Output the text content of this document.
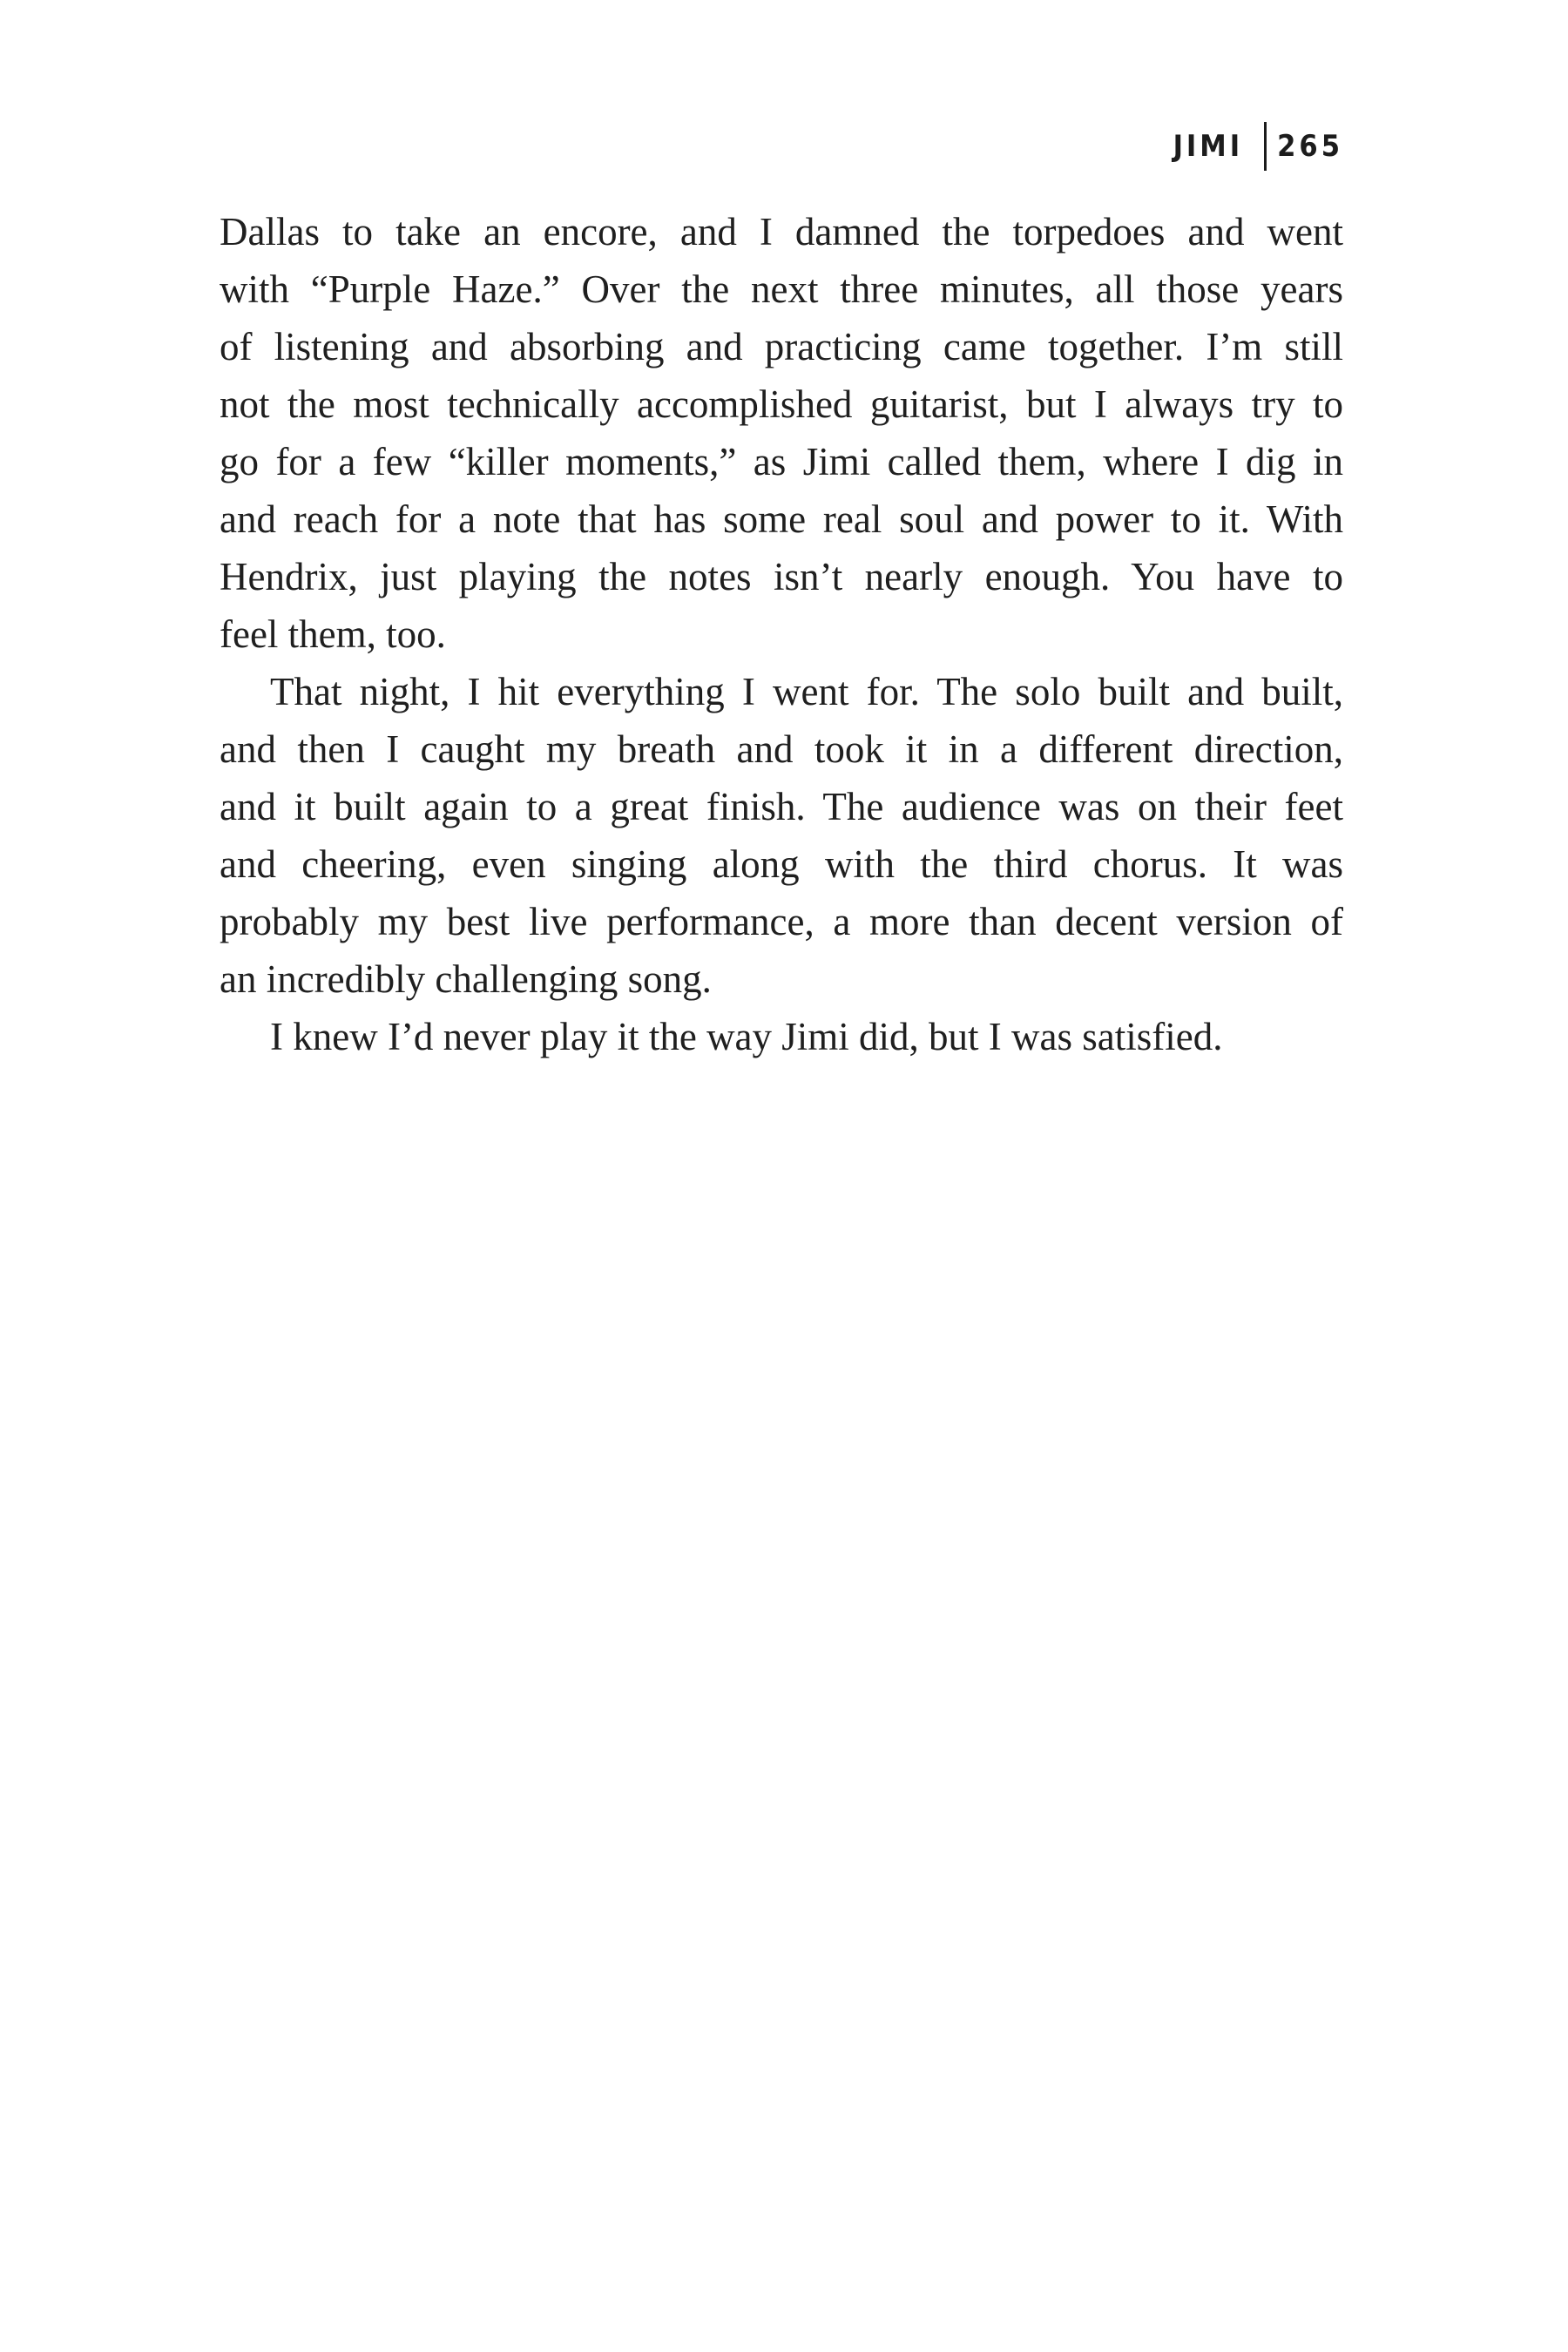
JIMI 265
Dallas to take an encore, and I damned the torpedoes and went
with “Purple Haze.” Over the next three minutes, all those years
of listening and absorbing and practicing came together. I’m still
not the most technically accomplished guitarist, but I always try to
go for a few “killer moments,” as Jimi called them, where I dig in
and reach for a note that has some real soul and power to it. With
Hendrix, just playing the notes isn’t nearly enough. You have to
feel them, too.
That night, I hit everything I went for. The solo built and built,
and then I caught my breath and took it in a different direction,
and it built again to a great finish. The audience was on their feet
and cheering, even singing along with the third chorus. It was
probably my best live performance, a more than decent version of
an incredibly challenging song.
I knew I’d never play it the way Jimi did, but I was satisfied.
